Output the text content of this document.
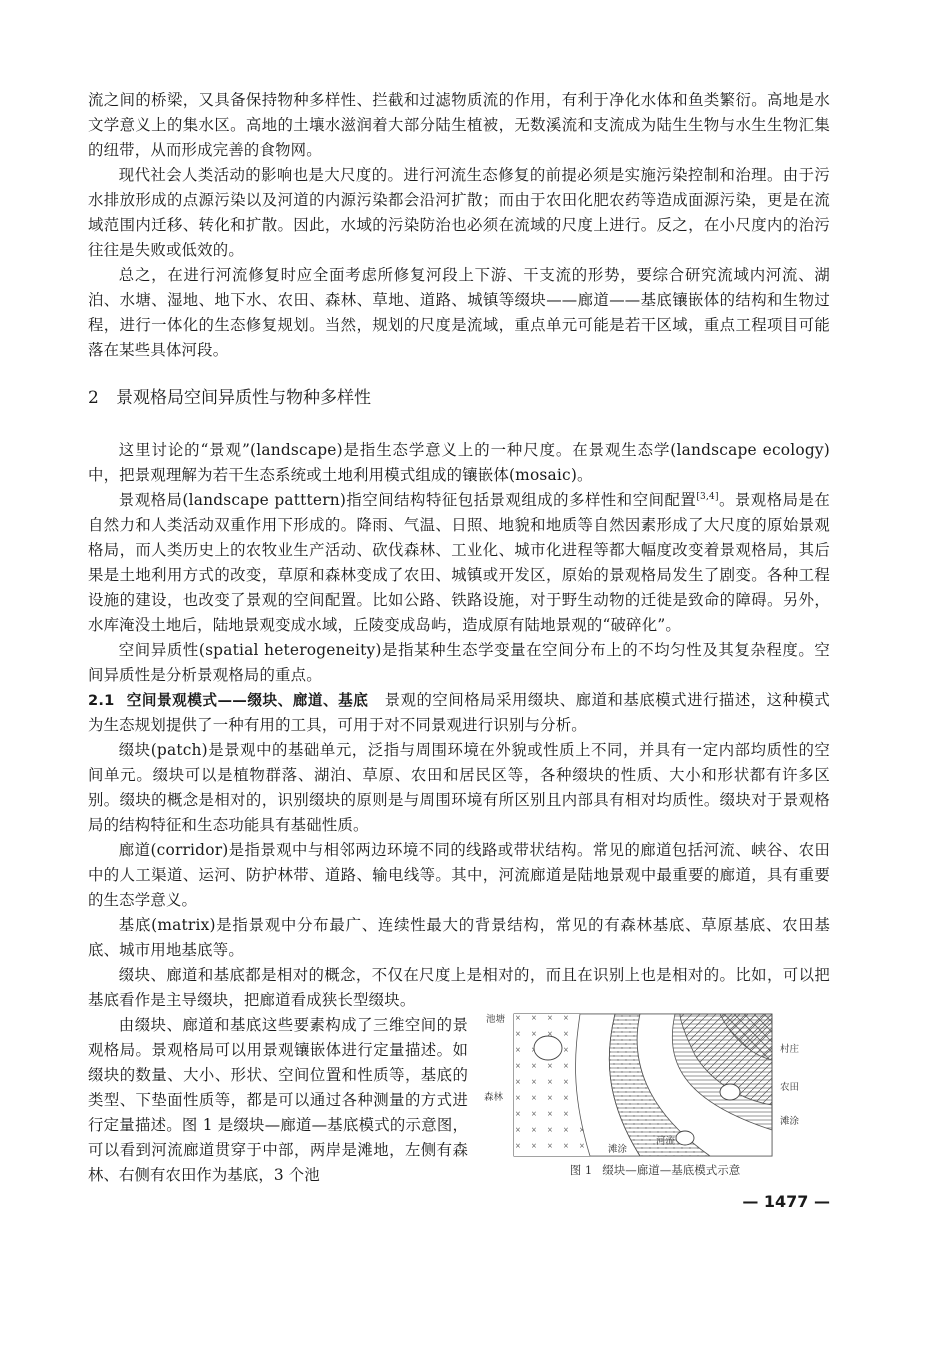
流之间的桥梁，又具备保持物种多样性、拦截和过滤物质流的作用，有利于净化水体和鱼类繁衍。高地是水文学意义上的集水区。高地的土壤水滋润着大部分陆生植被，无数溪流和支流成为陆生生物与水生生物汇集的纽带，从而形成完善的食物网。

现代社会人类活动的影响也是大尺度的。进行河流生态修复的前提必须是实施污染控制和治理。由于污水排放形成的点源污染以及河道的内源污染都会沿河扩散；而由于农田化肥农药等造成面源污染，更是在流域范围内迁移、转化和扩散。因此，水域的污染防治也必须在流域的尺度上进行。反之，在小尺度内的治污往往是失败或低效的。

总之，在进行河流修复时应全面考虑所修复河段上下游、干支流的形势，要综合研究流域内河流、湖泊、水塘、湿地、地下水、农田、森林、草地、道路、城镇等缀块——廊道——基底镶嵌体的结构和生物过程，进行一体化的生态修复规划。当然，规划的尺度是流域，重点单元可能是若干区域，重点工程项目可能落在某些具体河段。

2 景观格局空间异质性与物种多样性

这里讨论的“景观”(landscape)是指生态学意义上的一种尺度。在景观生态学(landscape ecology)中，把景观理解为若干生态系统或土地利用模式组成的镶嵌体(mosaic)。

景观格局(landscape patttern)指空间结构特征包括景观组成的多样性和空间配置[3,4]。景观格局是在自然力和人类活动双重作用下形成的。降雨、气温、日照、地貌和地质等自然因素形成了大尺度的原始景观格局，而人类历史上的农牧业生产活动、砍伐森林、工业化、城市化进程等都大幅度改变着景观格局，其后果是土地利用方式的改变，草原和森林变成了农田、城镇或开发区，原始的景观格局发生了剧变。各种工程设施的建设，也改变了景观的空间配置。比如公路、铁路设施，对于野生动物的迁徙是致命的障碍。另外，水库淹没土地后，陆地景观变成水域，丘陵变成岛屿，造成原有陆地景观的“破碎化”。

空间异质性(spatial heterogeneity)是指某种生态学变量在空间分布上的不均匀性及其复杂程度。空间异质性是分析景观格局的重点。

2.1 空间景观模式——缀块、廊道、基底 景观的空间格局采用缀块、廊道和基底模式进行描述，这种模式为生态规划提供了一种有用的工具，可用于对不同景观进行识别与分析。

缀块(patch)是景观中的基础单元，泛指与周围环境在外貌或性质上不同，并具有一定内部均质性的空间单元。缀块可以是植物群落、湖泊、草原、农田和居民区等，各种缀块的性质、大小和形状都有许多区别。缀块的概念是相对的，识别缀块的原则是与周围环境有所区别且内部具有相对均质性。缀块对于景观格局的结构特征和生态功能具有基础性质。

廊道(corridor)是指景观中与相邻两边环境不同的线路或带状结构。常见的廊道包括河流、峡谷、农田中的人工渠道、运河、防护林带、道路、输电线等。其中，河流廊道是陆地景观中最重要的廊道，具有重要的生态学意义。

基底(matrix)是指景观中分布最广、连续性最大的背景结构，常见的有森林基底、草原基底、农田基底、城市用地基底等。

缀块、廊道和基底都是相对的概念，不仅在尺度上是相对的，而且在识别上也是相对的。比如，可以把基底看作是主导缀块，把廊道看成狭长型缀块。

由缀块、廊道和基底这些要素构成了三维空间的景观格局。景观格局可以用景观镶嵌体进行定量描述。如缀块的数量、大小、形状、空间位置和性质等，基底的类型、下垫面性质等，都是可以通过各种测量的方式进行定量描述。图 1 是缀块—廊道—基底模式的示意图，可以看到河流廊道贯穿于中部，两岸是滩地，左侧有森林、右侧有农田作为基底，3 个池

池塘
森林
村庄
农田
滩涂
滩涂
河流
图 1 缀块—廊道—基底模式示意
— 1477 —
